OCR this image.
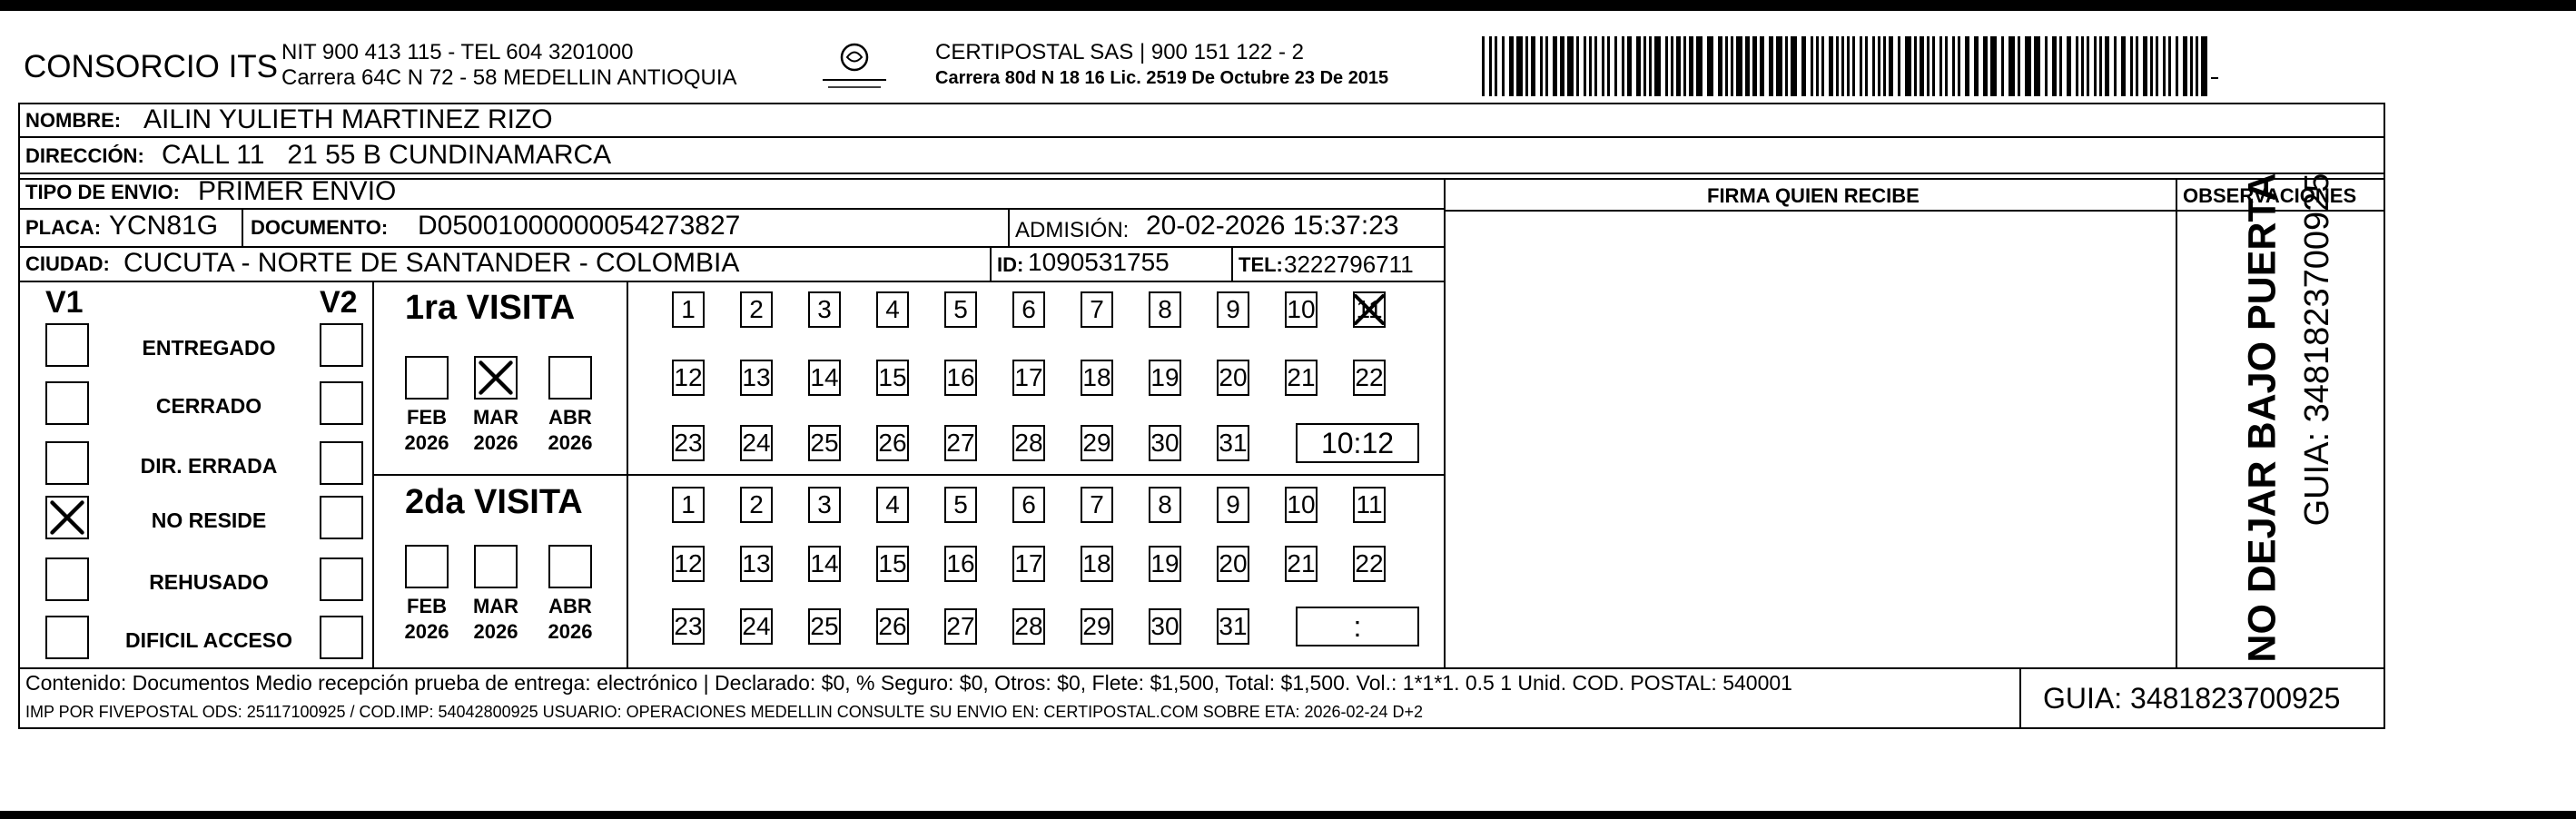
CONSORCIO ITS NIT 900 413 115 - TEL 604 3201000
Carrera 64C N 72 - 58 MEDELLIN ANTIOQUIA
CERTIPOSTAL SAS | 900 151 122 - 2
Carrera 80d N 18 16 Lic. 2519 De Octubre 23 De 2015
NOMBRE: AILIN YULIETH MARTINEZ RIZO
DIRECCIÓN: CALL 11   21 55 B CUNDINAMARCA
TIPO DE ENVIO: PRIMER ENVIO	FIRMA QUIEN RECIBE	OBSERVACIONES
PLACA: YCN81G DOCUMENTO: D05001000000054273827	ADMISIÓN: 20-02-2026 15:37:23
CIUDAD: CUCUTA - NORTE DE SANTANDER - COLOMBIA	ID: 1090531755	TEL: 3222796711
V1	V2
ENTREGADO
CERRADO
DIR. ERRADA
NO RESIDE
REHUSADO
DIFICIL ACCESO
1ra VISITA
2da VISITA
FEB
2026
MAR
2026
ABR
2026
FEB
2026
MAR
2026
ABR
2026
1	2	3	4	5	6	7	8	9	10 11
12 13 14 15 16 17 18 19 20 21 22
23 24 25 26 27 28 29 30 31	10:12
1	2	3	4	5	6	7	8	9	10 11
12 13 14 15 16 17 18 19 20 21 22
23 24 25 26 27 28 29 30 31	:
Contenido: Documentos Medio recepción prueba de entrega: electrónico | Declarado: $0, % Seguro: $0, Otros: $0, Flete: $1,500, Total: $1,500. Vol.: 1*1*1. 0.5 1 Unid. COD. POSTAL: 540001
IMP POR FIVEPOSTAL ODS: 25117100925 / COD.IMP: 54042800925 USUARIO: OPERACIONES MEDELLIN CONSULTE SU ENVIO EN: CERTIPOSTAL.COM SOBRE ETA: 2026-02-24 D+2	GUIA: 3481823700925
NO DEJAR BAJO PUERTA GUIA: 3481823700925
